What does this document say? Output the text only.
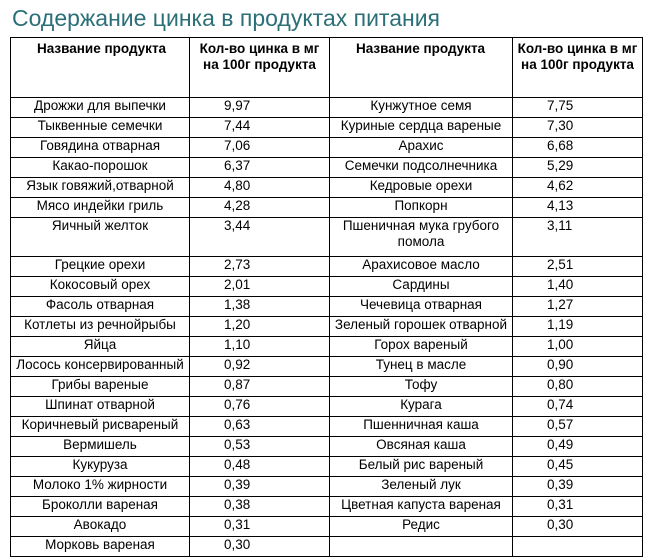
Содержание цинка в продуктах питания
Название продукта	Кол-во цинка в мг на 100г продукта	Название продукта	Кол-во цинка в мг на 100г продукта
Дрожжи для выпечки	9,97	Кунжутное семя	7,75
Тыквенные семечки	7,44	Куриные сердца вареные	7,30
Говядина отварная	7,06	Арахис	6,68
Какао-порошок	6,37	Семечки подсолнечника	5,29
Язык говяжий,отварной	4,80	Кедровые орехи	4,62
Мясо индейки гриль	4,28	Попкорн	4,13
Яичный желток	3,44	Пшеничная мука грубого помола	3,11
Грецкие орехи	2,73	Арахисовое масло	2,51
Кокосовый орех	2,01	Сардины	1,40
Фасоль отварная	1,38	Чечевица отварная	1,27
Котлеты из речнойрыбы	1,20	Зеленый горошек отварной	1,19
Яйца	1,10	Горох вареный	1,00
Лосось консервированный	0,92	Тунец в масле	0,90
Грибы вареные	0,87	Тофу	0,80
Шпинат отварной	0,76	Курага	0,74
Коричневый рисвареный	0,63	Пшенничная каша	0,57
Вермишель	0,53	Овсяная каша	0,49
Кукуруза	0,48	Белый рис вареный	0,45
Молоко 1% жирности	0,39	Зеленый лук	0,39
Броколли вареная	0,38	Цветная капуста вареная	0,31
Авокадо	0,31	Редис	0,30
Морковь вареная	0,30		
